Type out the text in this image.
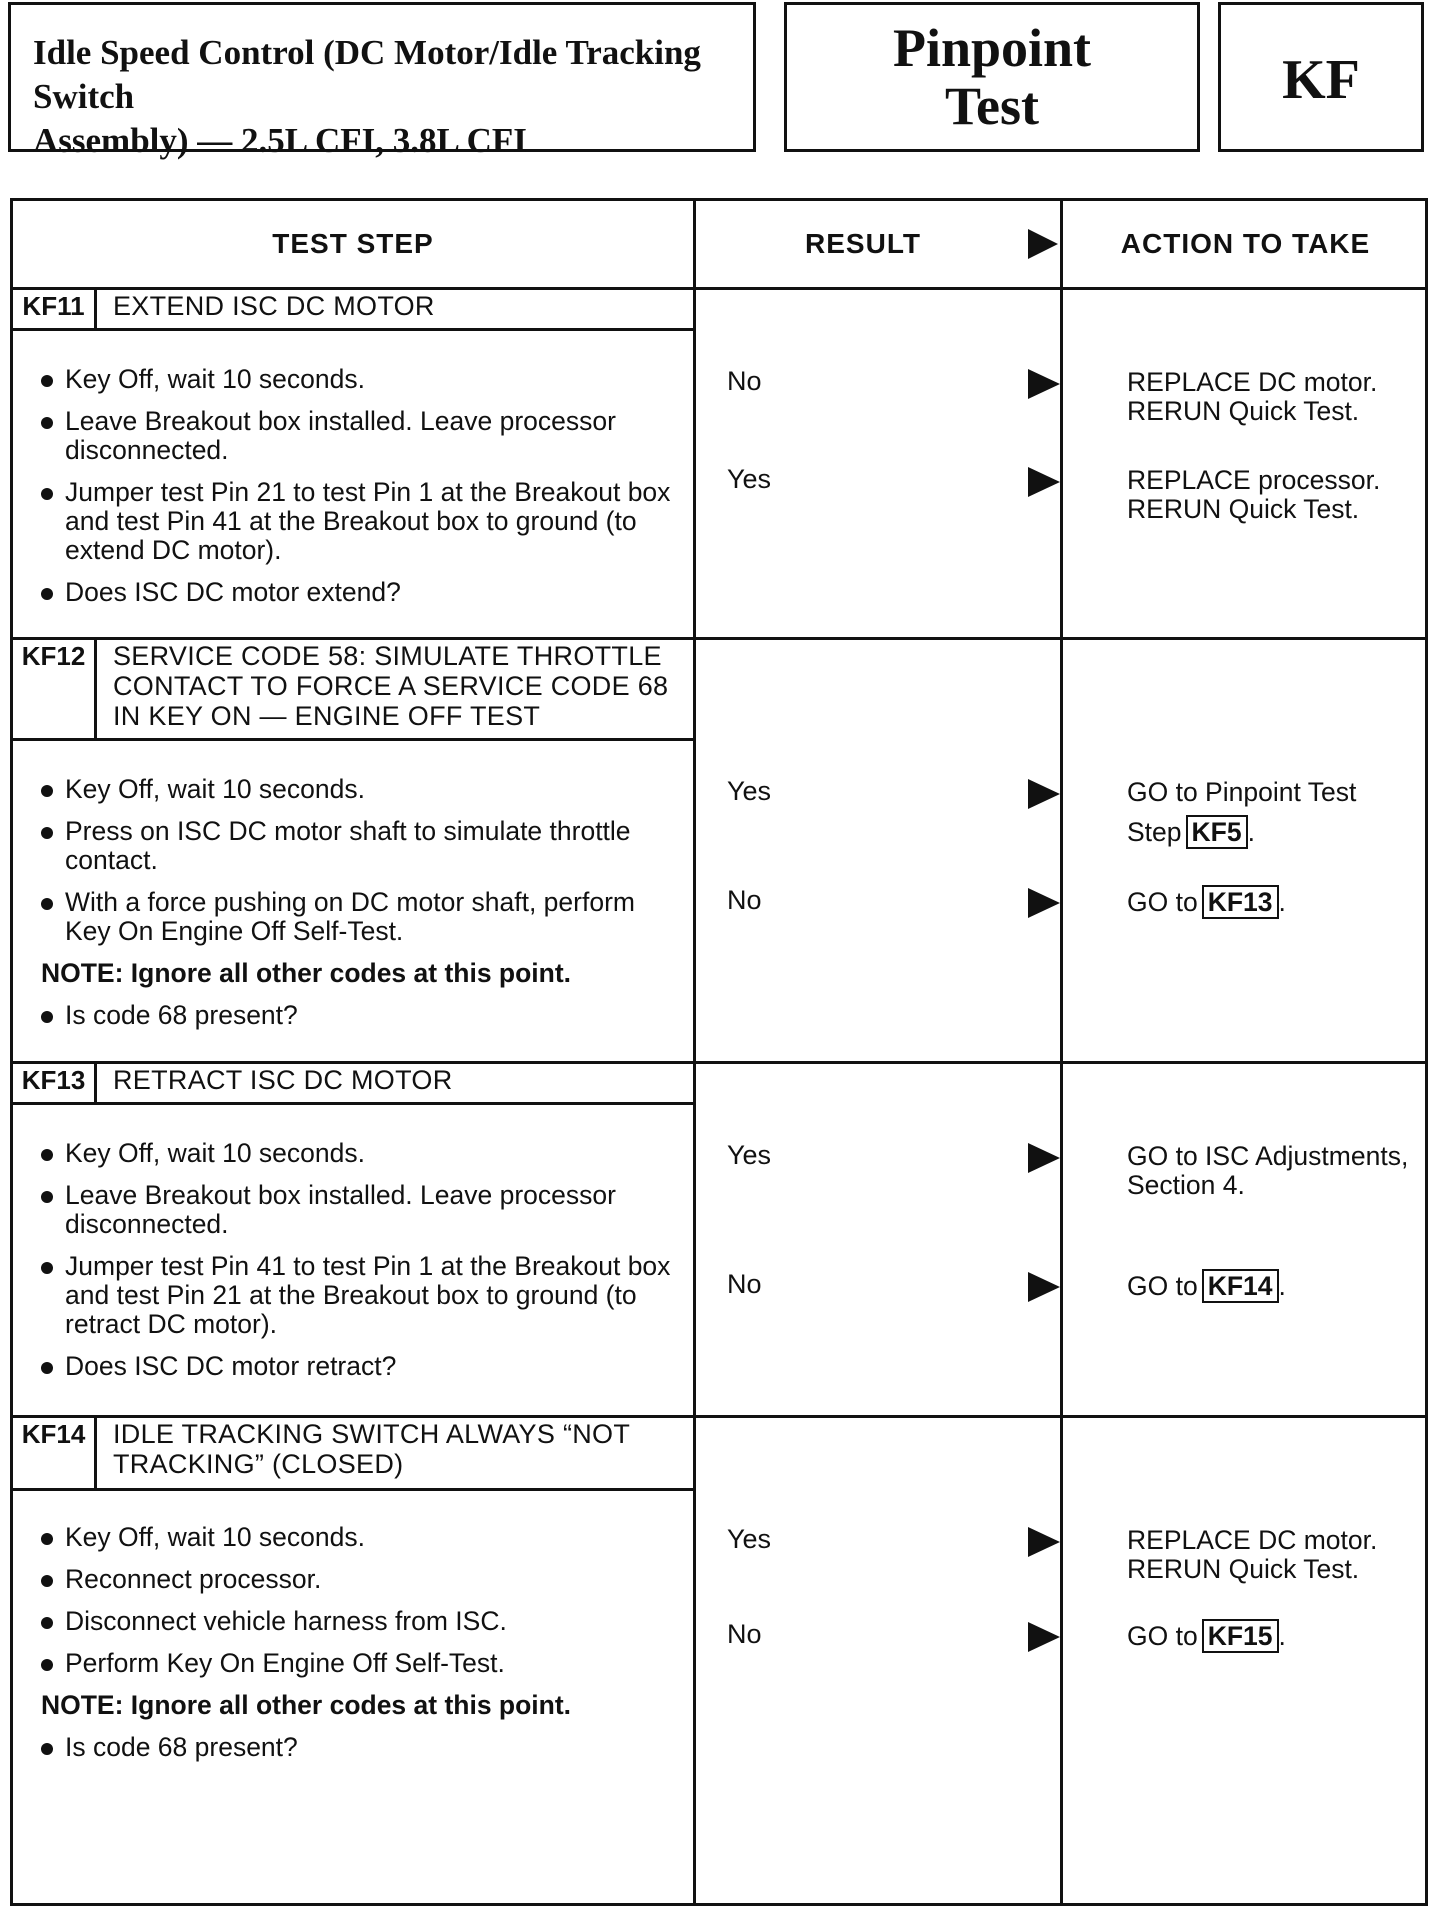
Idle Speed Control (DC Motor/Idle Tracking Switch
Assembly) — 2.5L CFI, 3.8L CFI
Pinpoint
Test	KF
TEST STEP	RESULT	ACTION TO TAKE
KF11	EXTEND ISC DC MOTOR
Key Off, wait 10 seconds.
Leave Breakout box installed. Leave processor disconnected.
Jumper test Pin 21 to test Pin 1 at the Breakout box and test Pin 41 at the Breakout box to ground (to extend DC motor).
Does ISC DC motor extend?
No	REPLACE DC motor. RERUN Quick Test.
Yes	REPLACE processor. RERUN Quick Test.
KF12	SERVICE CODE 58: SIMULATE THROTTLE CONTACT TO FORCE A SERVICE CODE 68 IN KEY ON — ENGINE OFF TEST
Key Off, wait 10 seconds.
Press on ISC DC motor shaft to simulate throttle contact.
With a force pushing on DC motor shaft, perform Key On Engine Off Self-Test.
NOTE: Ignore all other codes at this point.
Is code 68 present?
Yes	GO to Pinpoint Test
Step KF5 .
No	GO to KF13 .
KF13	RETRACT ISC DC MOTOR
Key Off, wait 10 seconds.
Leave Breakout box installed. Leave processor disconnected.
Jumper test Pin 41 to test Pin 1 at the Breakout box and test Pin 21 at the Breakout box to ground (to retract DC motor).
Does ISC DC motor retract?
Yes	GO to ISC Adjustments, Section 4.
No	GO to KF14 .
KF14	IDLE TRACKING SWITCH ALWAYS “NOT TRACKING” (CLOSED)
Key Off, wait 10 seconds.
Reconnect processor.
Disconnect vehicle harness from ISC.
Perform Key On Engine Off Self-Test.
NOTE: Ignore all other codes at this point.
Is code 68 present?
Yes	REPLACE DC motor. RERUN Quick Test.
No	GO to KF15 .
